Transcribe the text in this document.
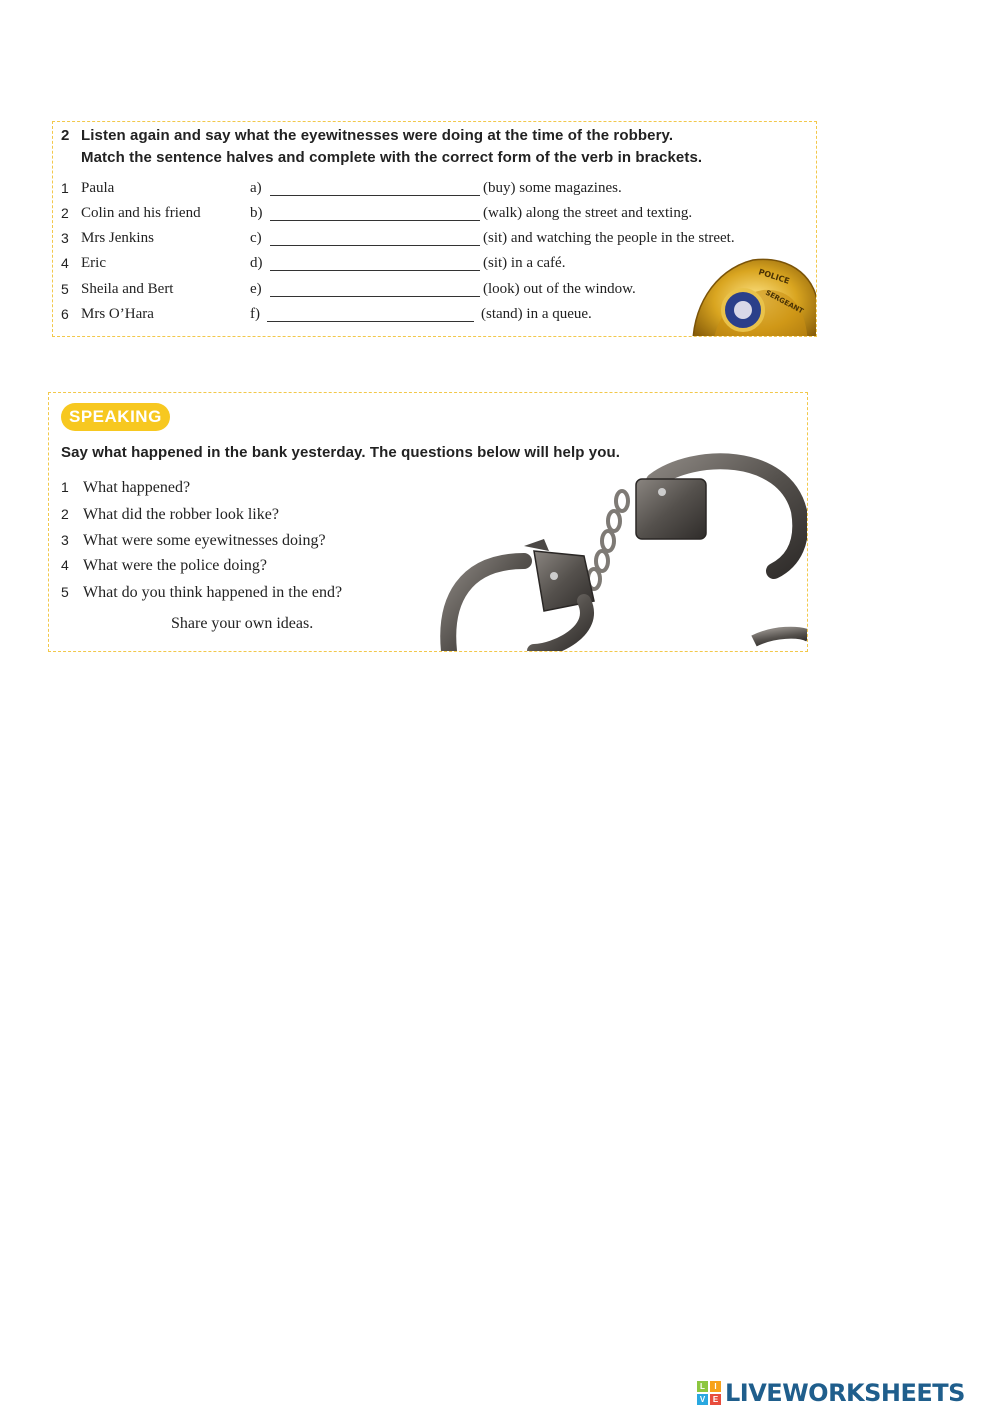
2 Listen again and say what the eyewitnesses were doing at the time of the robbery.
Match the sentence halves and complete with the correct form of the verb in brackets.
1 Paula	a)	(buy) some magazines.
2 Colin and his friend	b)	(walk) along the street and texting.
3 Mrs Jenkins	c)	(sit) and watching the people in the street.
4 Eric	d)	(sit) in a café.
5 Sheila and Bert	e)	(look) out of the window.
6 Mrs O’Hara	f)	(stand) in a queue.
POLICE
SERGEANT
SPEAKING
Say what happened in the bank yesterday. The questions below will help you.
1 What happened?
2 What did the robber look like?
3 What were some eyewitnesses doing?
4 What were the police doing?
5 What do you think happened in the end?
Share your own ideas.
L	I
V E LIVEWORKSHEETS
